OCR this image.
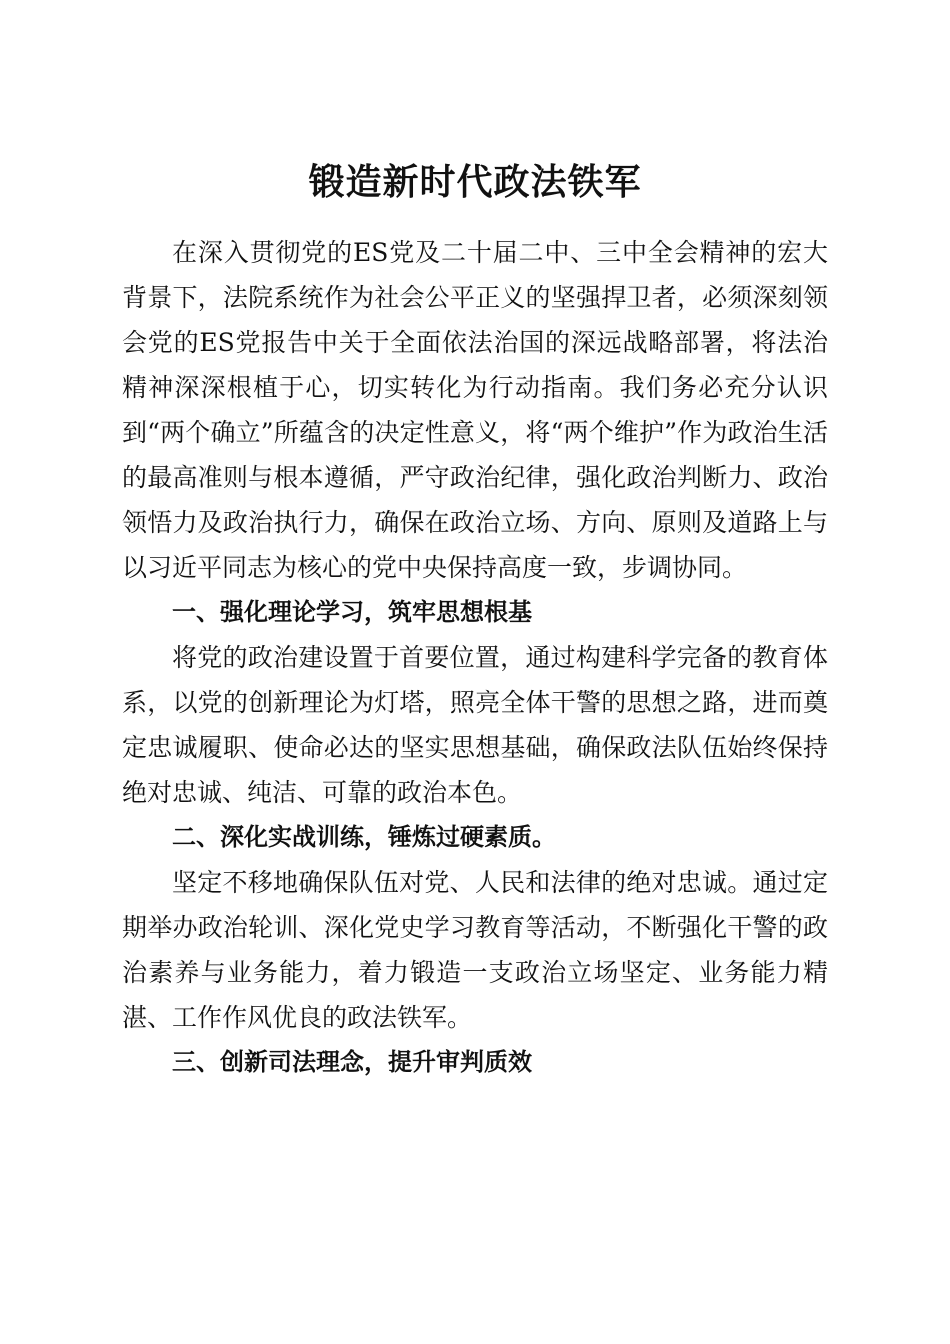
锻造新时代政法铁军

在深入贯彻党的ES党及二十届二中、三中全会精神的宏大背景下，法院系统作为社会公平正义的坚强捍卫者，必须深刻领会党的ES党报告中关于全面依法治国的深远战略部署，将法治精神深深根植于心，切实转化为行动指南。我们务必充分认识到“两个确立”所蕴含的决定性意义，将“两个维护”作为政治生活的最高准则与根本遵循，严守政治纪律，强化政治判断力、政治领悟力及政治执行力，确保在政治立场、方向、原则及道路上与以习近平同志为核心的党中央保持高度一致，步调协同。

一、强化理论学习，筑牢思想根基

将党的政治建设置于首要位置，通过构建科学完备的教育体系，以党的创新理论为灯塔，照亮全体干警的思想之路，进而奠定忠诚履职、使命必达的坚实思想基础，确保政法队伍始终保持绝对忠诚、纯洁、可靠的政治本色。

二、深化实战训练，锤炼过硬素质。

坚定不移地确保队伍对党、人民和法律的绝对忠诚。通过定期举办政治轮训、深化党史学习教育等活动，不断强化干警的政治素养与业务能力，着力锻造一支政治立场坚定、业务能力精湛、工作作风优良的政法铁军。

三、创新司法理念，提升审判质效
